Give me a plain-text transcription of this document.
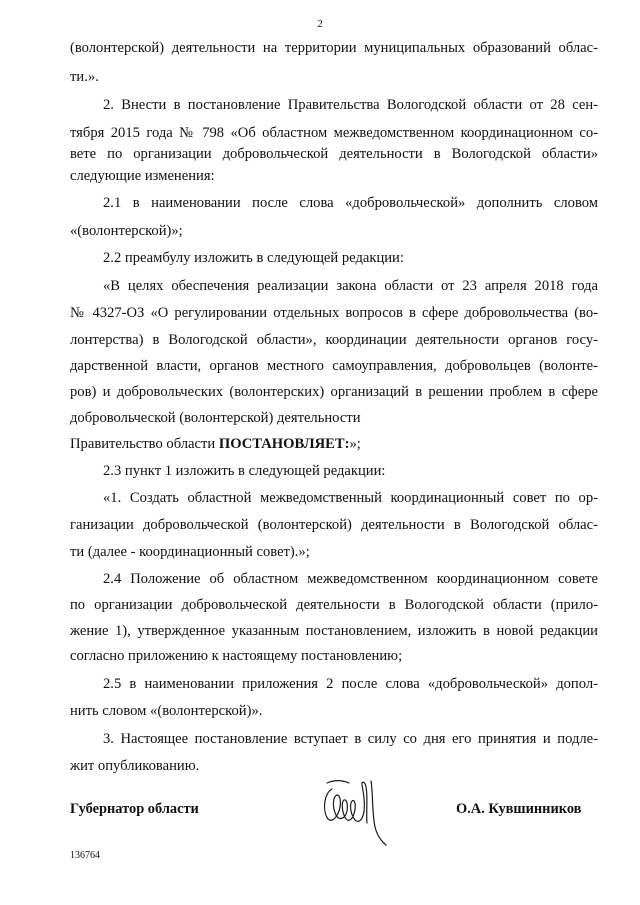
2
(волонтерской) деятельности на территории муниципальных образований облас-
ти.».
2. Внести в постановление Правительства Вологодской области от 28 сен-
тября 2015 года № 798 «Об областном межведомственном координационном со-
вете по организации добровольческой деятельности в Вологодской области»
следующие изменения:
2.1 в наименовании после слова «добровольческой» дополнить словом
«(волонтерской)»;
2.2 преамбулу изложить в следующей редакции:
«В целях обеспечения реализации закона области от 23 апреля 2018 года
№ 4327-ОЗ «О регулировании отдельных вопросов в сфере добровольчества (во-
лонтерства) в Вологодской области», координации деятельности органов госу-
дарственной власти, органов местного самоуправления, добровольцев (волонте-
ров) и добровольческих (волонтерских) организаций в решении проблем в сфере
добровольческой (волонтерской) деятельности
Правительство области ПОСТАНОВЛЯЕТ:»;
2.3 пункт 1 изложить в следующей редакции:
«1. Создать областной межведомственный координационный совет по ор-
ганизации добровольческой (волонтерской) деятельности в Вологодской облас-
ти (далее - координационный совет).»;
2.4 Положение об областном межведомственном координационном совете
по организации добровольческой деятельности в Вологодской области (прило-
жение 1), утвержденное указанным постановлением, изложить в новой редакции
согласно приложению к настоящему постановлению;
2.5 в наименовании приложения 2 после слова «добровольческой» допол-
нить словом «(волонтерской)».
3. Настоящее постановление вступает в силу со дня его принятия и подле-
жит опубликованию.
Губернатор области	О.А. Кувшинников
136764
